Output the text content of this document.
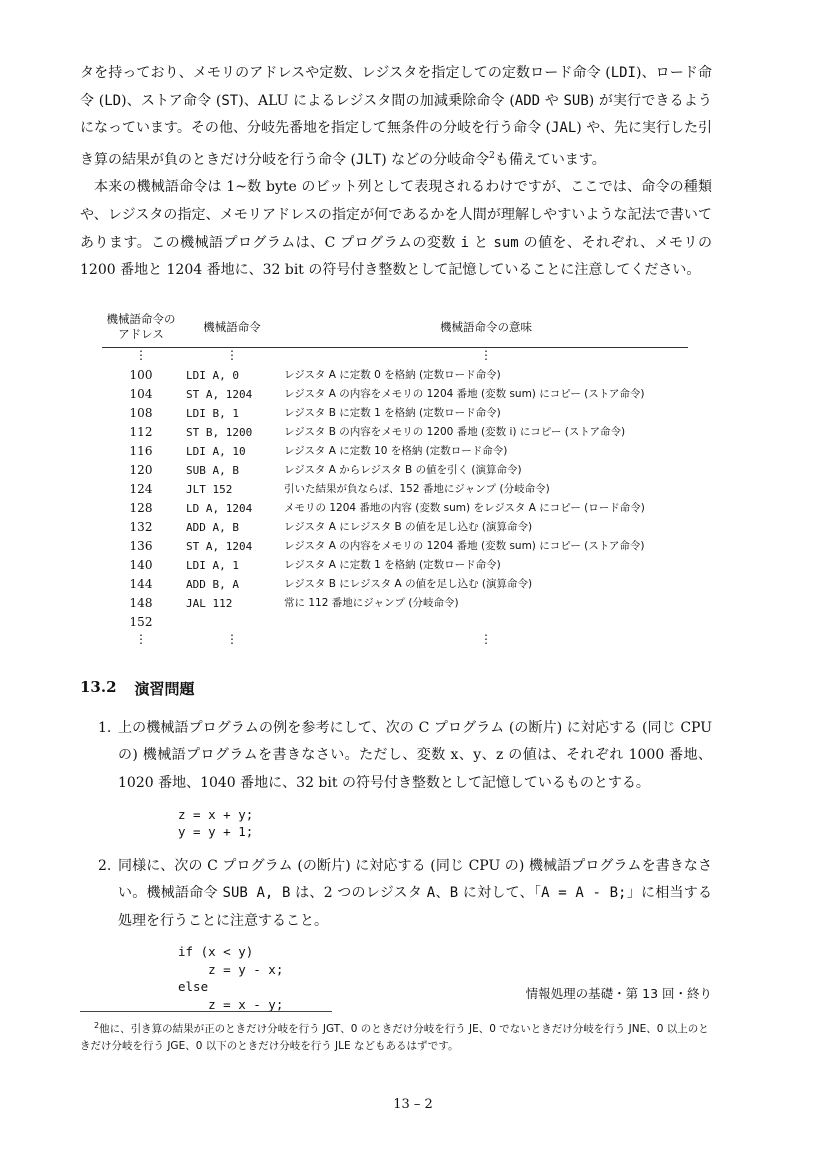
タを持っており、メモリのアドレスや定数、レジスタを指定しての定数ロード命令 (LDI)、ロード命令 (LD)、ストア命令 (ST)、ALU によるレジスタ間の加減乗除命令 (ADD や SUB) が実行できるようになっています。その他、分岐先番地を指定して無条件の分岐を行う命令 (JAL) や、先に実行した引き算の結果が負のときだけ分岐を行う命令 (JLT) などの分岐命令$^2$も備えています。

本来の機械語命令は 1~数 byte のビット列として表現されるわけですが、ここでは、命令の種類や、レジスタの指定、メモリアドレスの指定が何であるかを人間が理解しやすいような記法で書いてあります。この機械語プログラムは、C プログラムの変数 i と sum の値を、それぞれ、メモリの 1200 番地と 1204 番地に、32 bit の符号付き整数として記憶していることに注意してください。

機械語命令のアドレス	機械語命令	機械語命令の意味
⋮	⋮	⋮
100	LDI A, 0	レジスタ A に定数 0 を格納 (定数ロード命令)
104	ST A, 1204	レジスタ A の内容をメモリの 1204 番地 (変数 sum) にコピー (ストア命令)
108	LDI B, 1	レジスタ B に定数 1 を格納 (定数ロード命令)
112	ST B, 1200	レジスタ B の内容をメモリの 1200 番地 (変数 i) にコピー (ストア命令)
116	LDI A, 10	レジスタ A に定数 10 を格納 (定数ロード命令)
120	SUB A, B	レジスタ A からレジスタ B の値を引く (演算命令)
124	JLT 152	引いた結果が負ならば、152 番地にジャンプ (分岐命令)
128	LD A, 1204	メモリの 1204 番地の内容 (変数 sum) をレジスタ A にコピー (ロード命令)
132	ADD A, B	レジスタ A にレジスタ B の値を足し込む (演算命令)
136	ST A, 1204	レジスタ A の内容をメモリの 1204 番地 (変数 sum) にコピー (ストア命令)
140	LDI A, 1	レジスタ A に定数 1 を格納 (定数ロード命令)
144	ADD B, A	レジスタ B にレジスタ A の値を足し込む (演算命令)
148	JAL 112	常に 112 番地にジャンプ (分岐命令)
152
⋮	⋮	⋮
13.2 演習問題
1. 上の機械語プログラムの例を参考にして、次の C プログラム (の断片) に対応する (同じ CPU の) 機械語プログラムを書きなさい。ただし、変数 x、y、z の値は、それぞれ 1000 番地、1020 番地、1040 番地に、32 bit の符号付き整数として記憶しているものとする。
z = x + y;
y = y + 1;
2. 同様に、次の C プログラム (の断片) に対応する (同じ CPU の) 機械語プログラムを書きなさい。機械語命令 SUB A, B は、2 つのレジスタ A、B に対して、「A = A - B;」に相当する処理を行うことに注意すること。
if (x < y)
z = y - x;
else
z = x - y;
情報処理の基礎・第 13 回・終り
$^2$他に、引き算の結果が正のときだけ分岐を行う JGT、0 のときだけ分岐を行う JE、0 でないときだけ分岐を行う JNE、0 以上のときだけ分岐を行う JGE、0 以下のときだけ分岐を行う JLE などもあるはずです。
13 – 2
